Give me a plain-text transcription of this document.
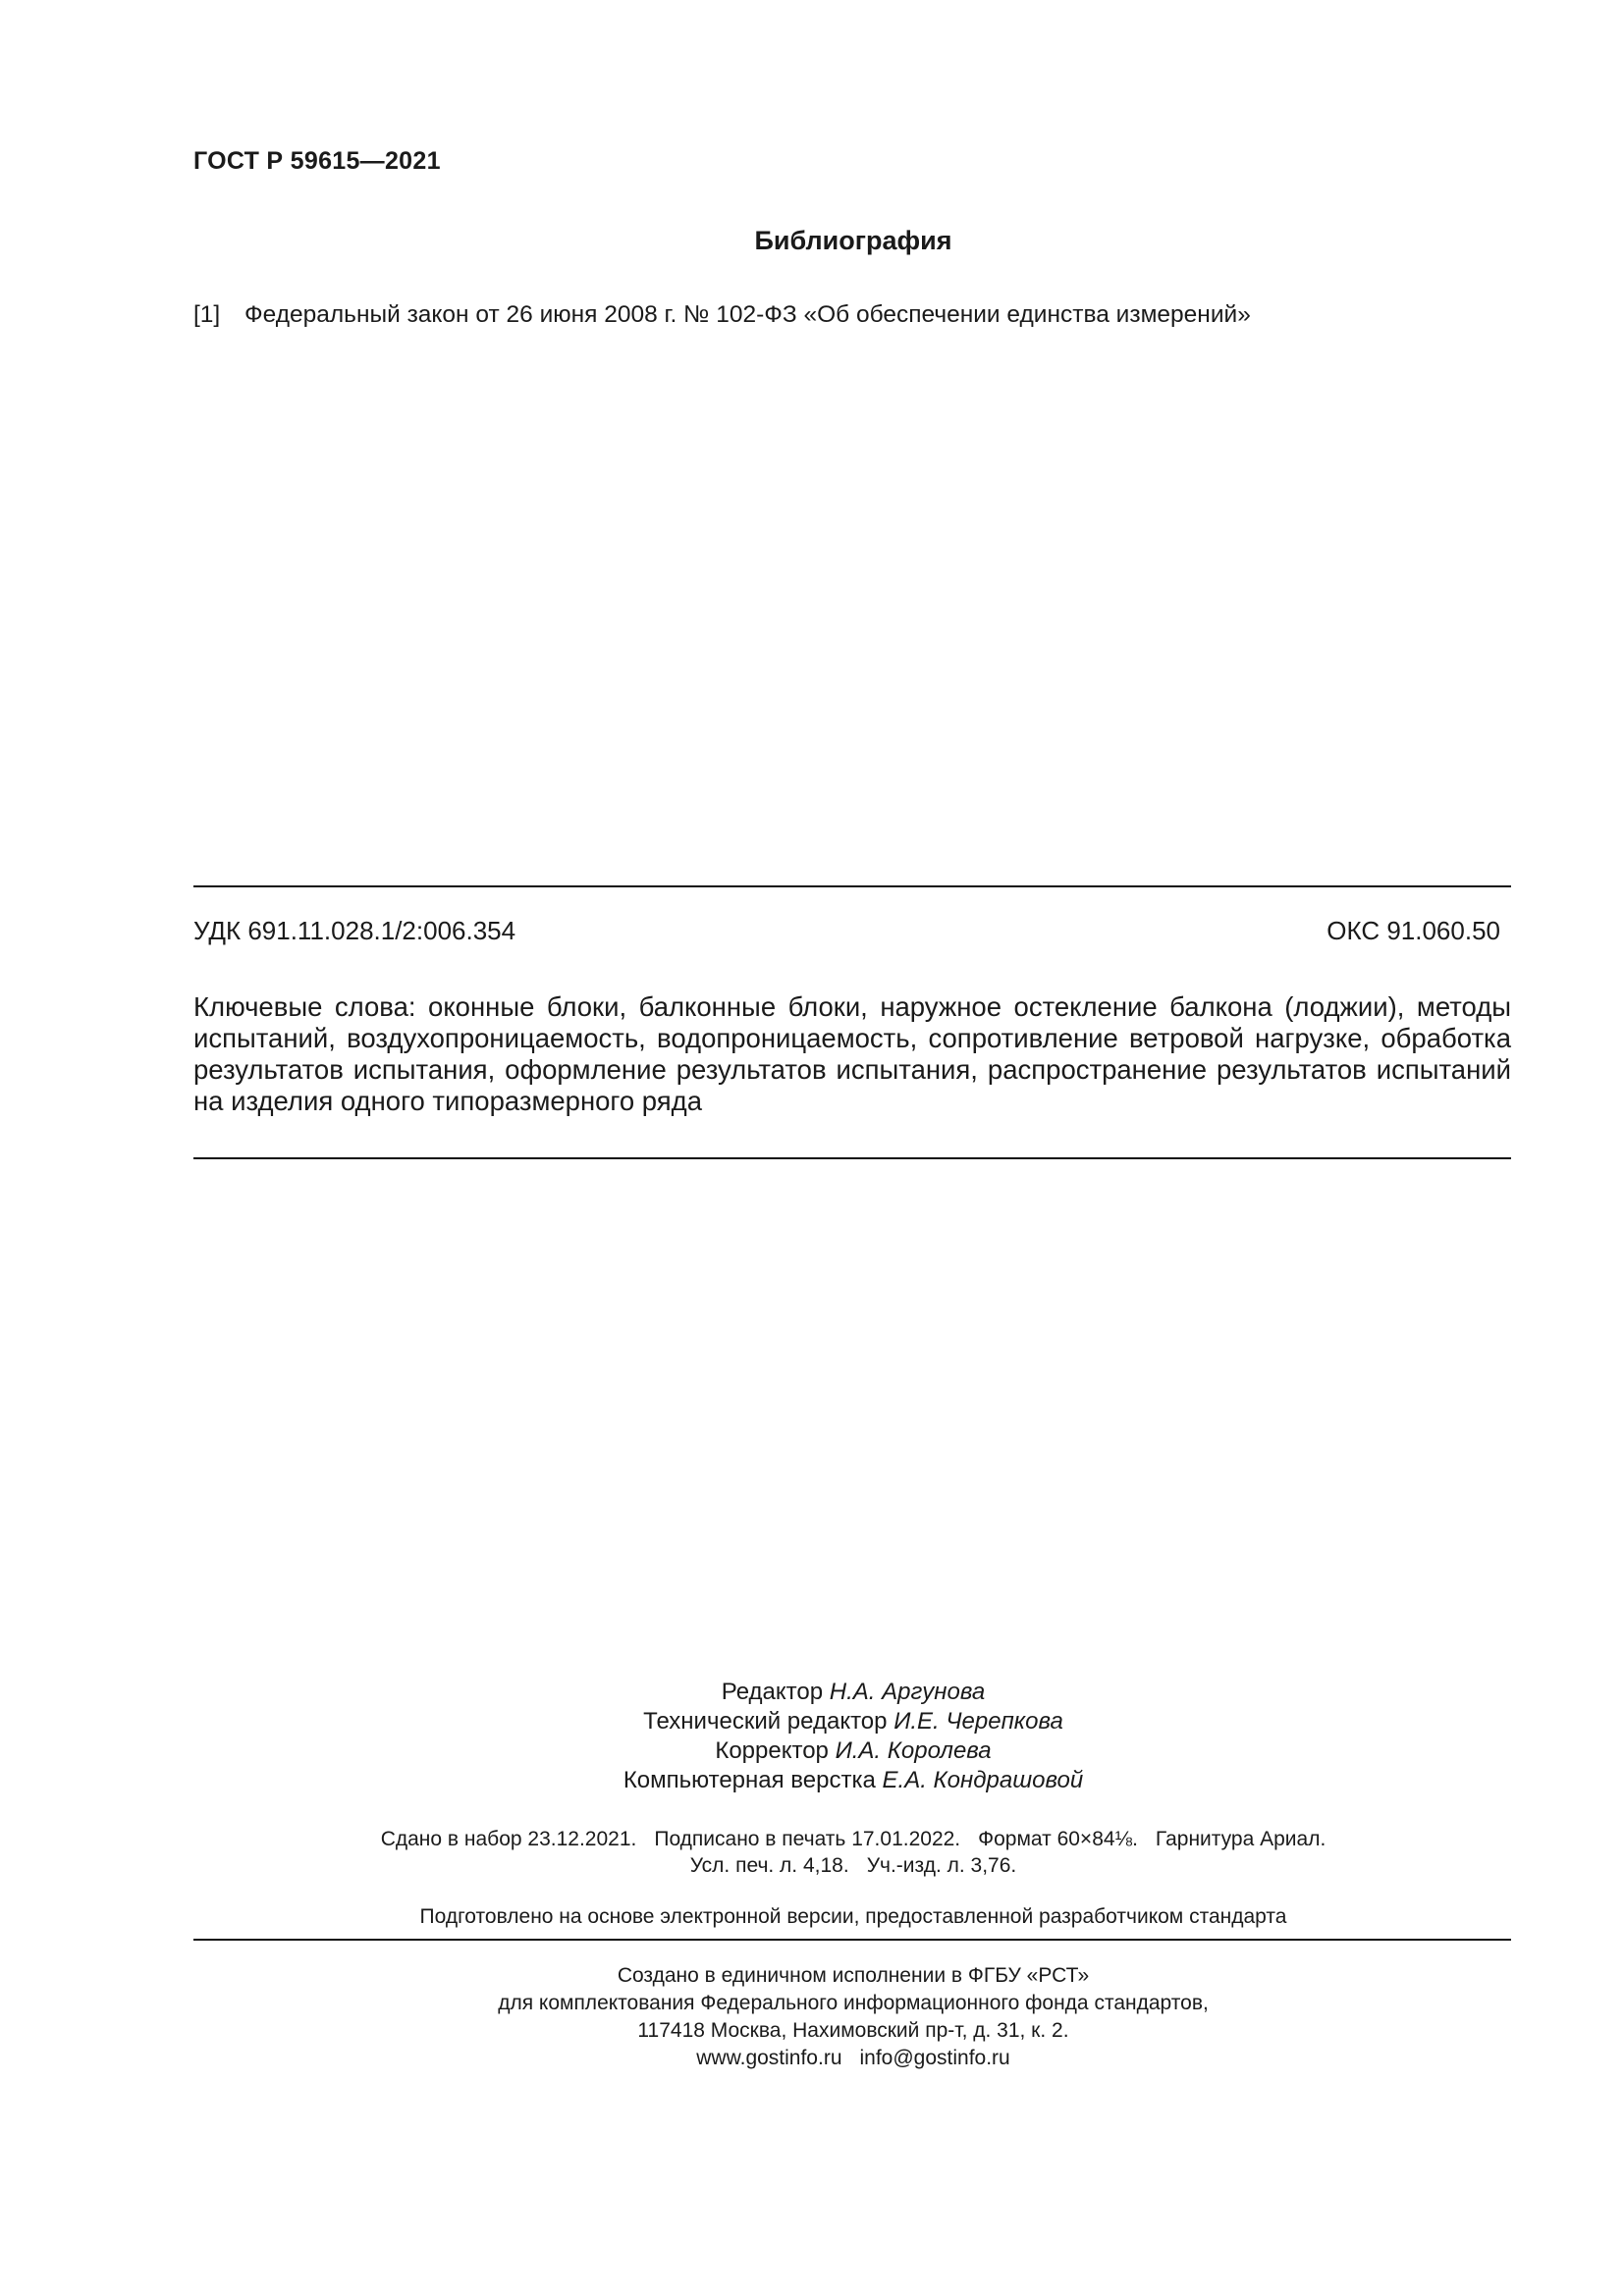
ГОСТ Р 59615—2021
Библиография
[1] Федеральный закон от 26 июня 2008 г. № 102-ФЗ «Об обеспечении единства измерений»
УДК 691.11.028.1/2:006.354	ОКС 91.060.50
Ключевые слова: оконные блоки, балконные блоки, наружное остекление балкона (лоджии), методы испытаний, воздухопроницаемость, водопроницаемость, сопротивление ветровой нагрузке, обработка результатов испытания, оформление результатов испытания, распространение результатов испытаний на изделия одного типоразмерного ряда
Редактор Н.А. Аргунова
Технический редактор И.Е. Черепкова
Корректор И.А. Королева
Компьютерная верстка Е.А. Кондрашовой
Сдано в набор 23.12.2021. Подписано в печать 17.01.2022. Формат 60×84⅛. Гарнитура Ариал.
Усл. печ. л. 4,18. Уч.-изд. л. 3,76.
Подготовлено на основе электронной версии, предоставленной разработчиком стандарта
Создано в единичном исполнении в ФГБУ «РСТ»
для комплектования Федерального информационного фонда стандартов,
117418 Москва, Нахимовский пр-т, д. 31, к. 2.
www.gostinfo.ru info@gostinfo.ru
